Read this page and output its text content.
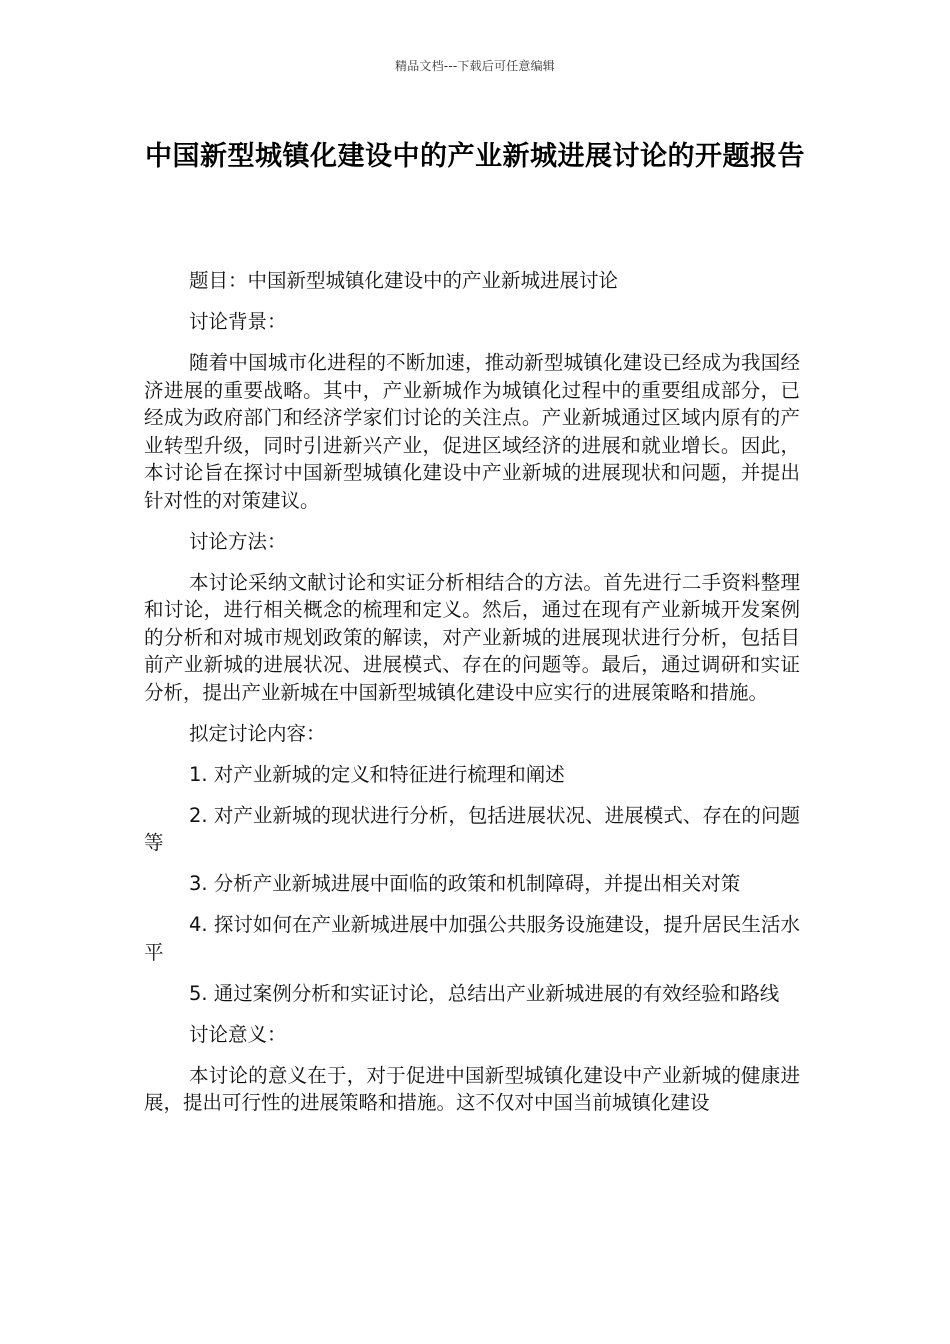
精品文档---下载后可任意编辑
中国新型城镇化建设中的产业新城进展讨论的开题报告

题目：中国新型城镇化建设中的产业新城进展讨论

讨论背景：

随着中国城市化进程的不断加速，推动新型城镇化建设已经成为我国经济进展的重要战略。其中，产业新城作为城镇化过程中的重要组成部分，已经成为政府部门和经济学家们讨论的关注点。产业新城通过区域内原有的产业转型升级，同时引进新兴产业，促进区域经济的进展和就业增长。因此，本讨论旨在探讨中国新型城镇化建设中产业新城的进展现状和问题，并提出针对性的对策建议。

讨论方法：

本讨论采纳文献讨论和实证分析相结合的方法。首先进行二手资料整理和讨论，进行相关概念的梳理和定义。然后，通过在现有产业新城开发案例的分析和对城市规划政策的解读，对产业新城的进展现状进行分析，包括目前产业新城的进展状况、进展模式、存在的问题等。最后，通过调研和实证分析，提出产业新城在中国新型城镇化建设中应实行的进展策略和措施。

拟定讨论内容：

1. 对产业新城的定义和特征进行梳理和阐述

2. 对产业新城的现状进行分析，包括进展状况、进展模式、存在的问题等

3. 分析产业新城进展中面临的政策和机制障碍，并提出相关对策

4. 探讨如何在产业新城进展中加强公共服务设施建设，提升居民生活水平

5. 通过案例分析和实证讨论，总结出产业新城进展的有效经验和路线

讨论意义：

本讨论的意义在于，对于促进中国新型城镇化建设中产业新城的健康进展，提出可行性的进展策略和措施。这不仅对中国当前城镇化建设
